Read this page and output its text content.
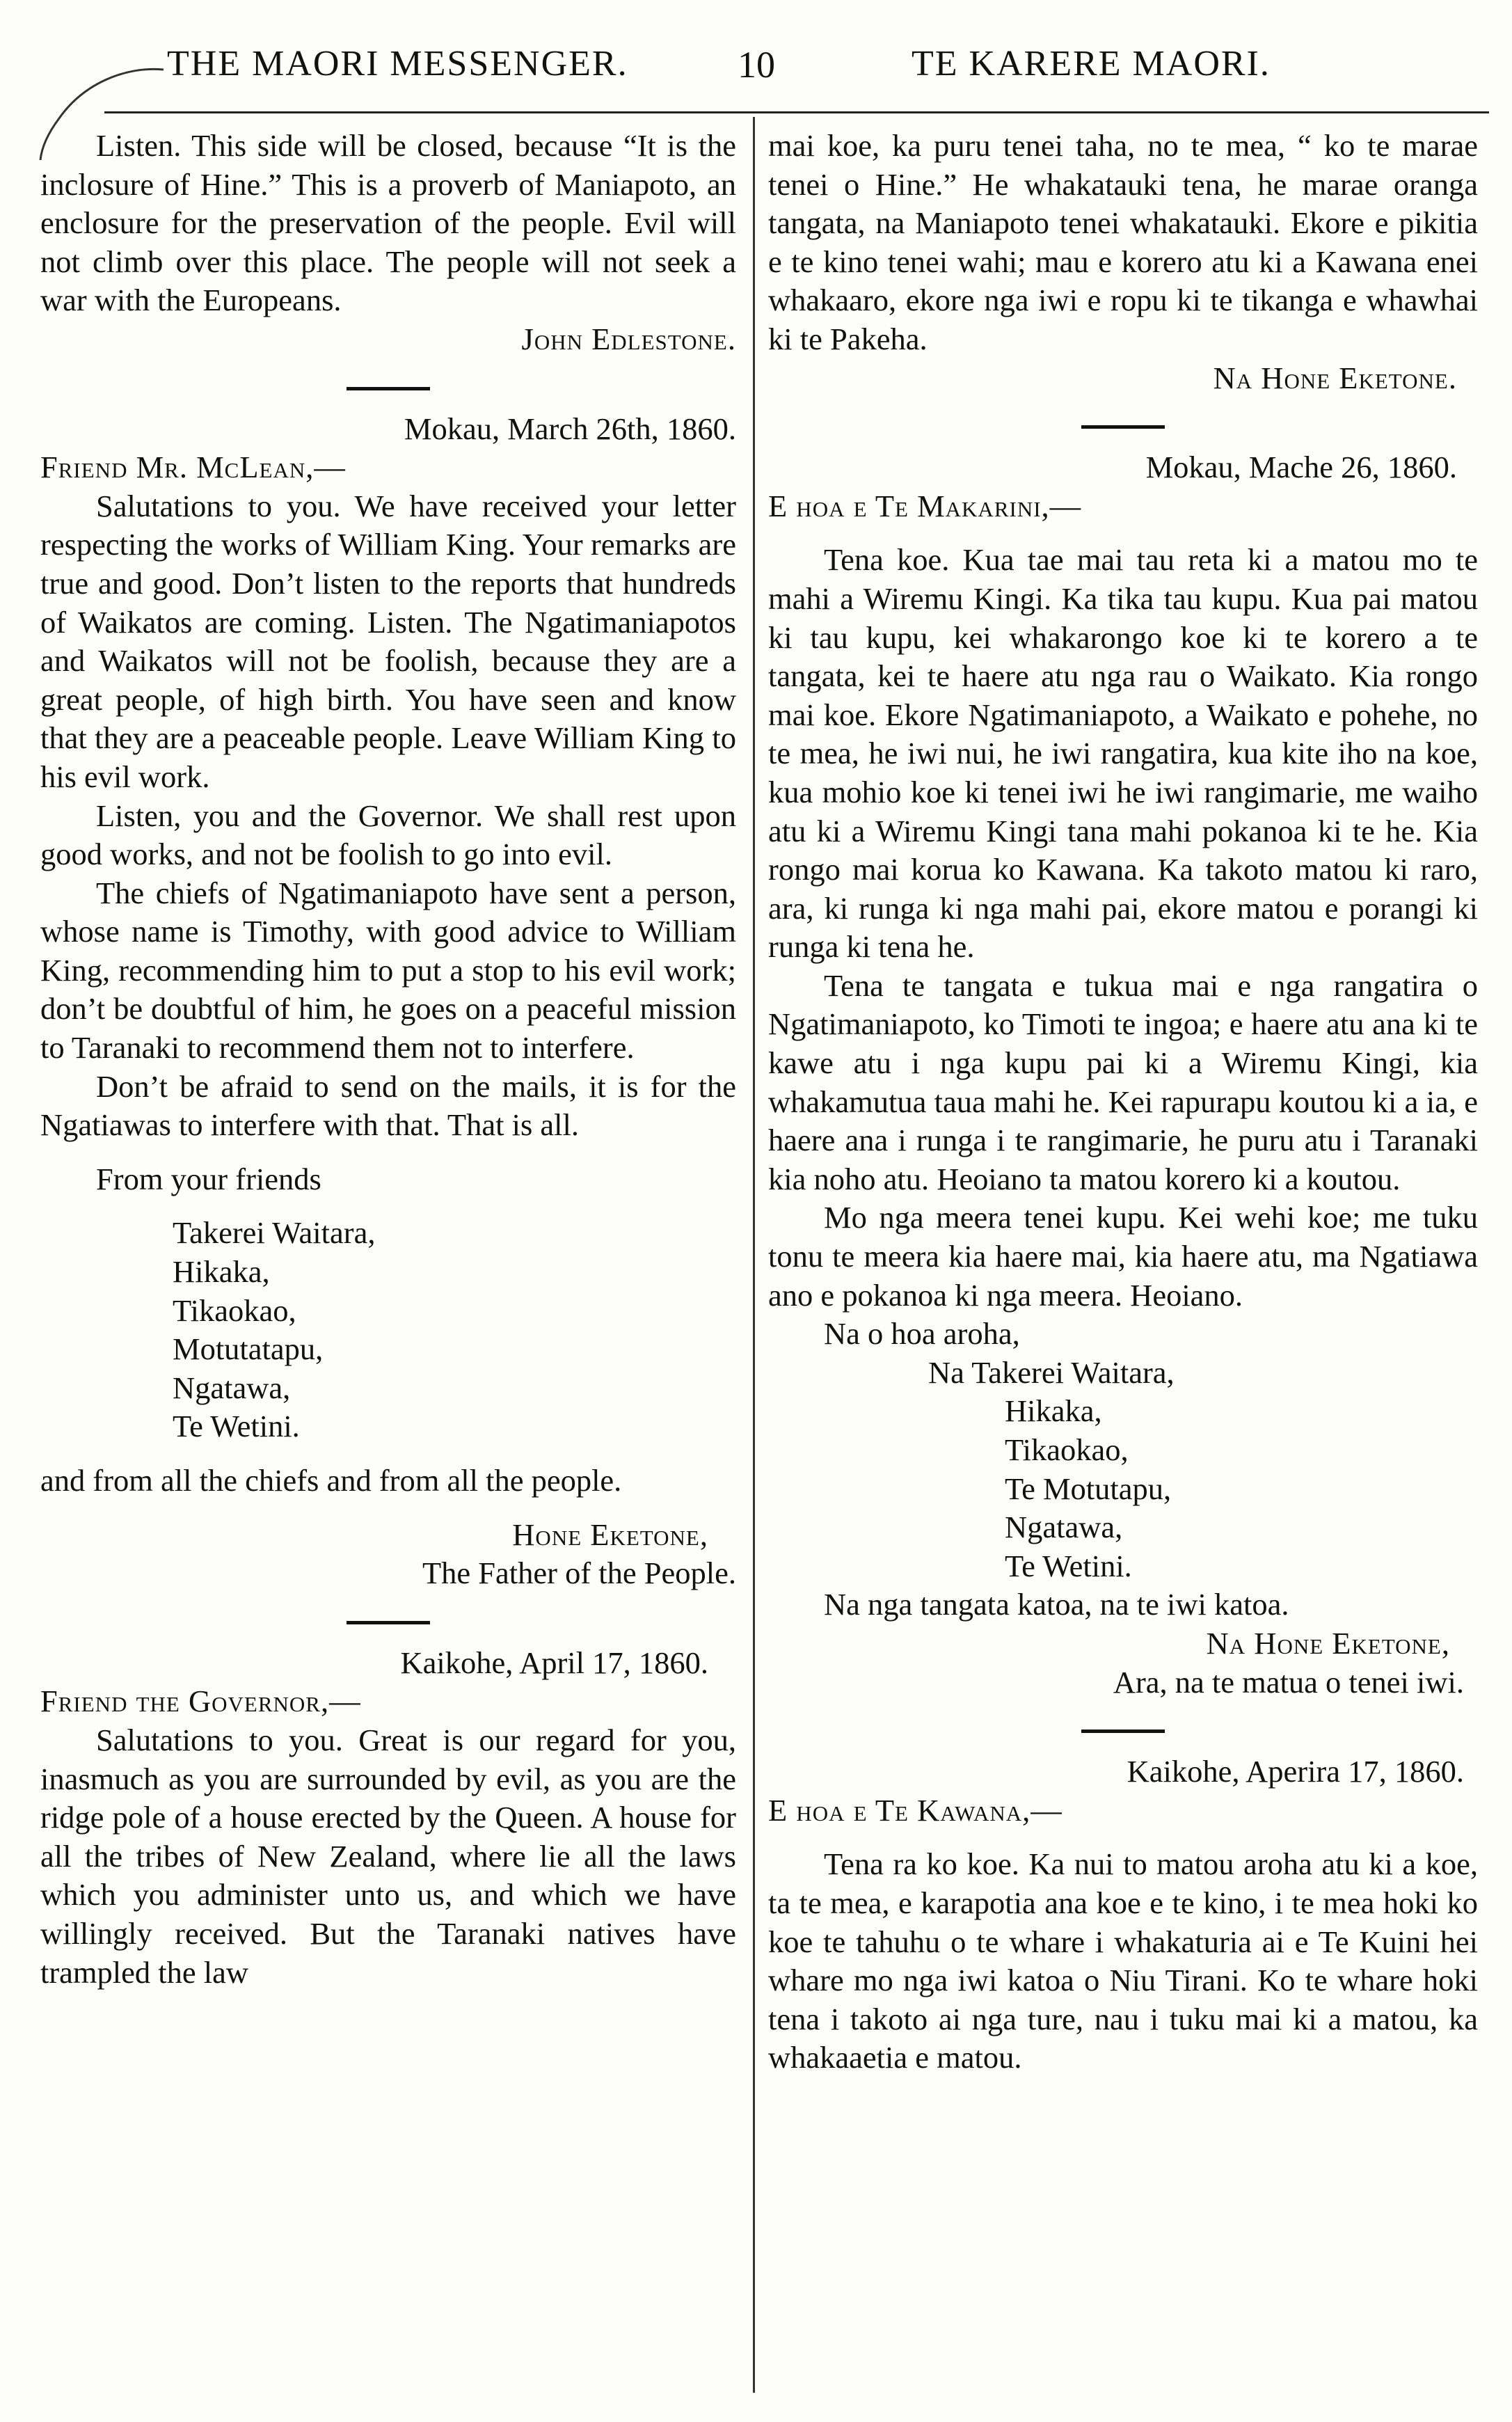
THE MAORI MESSENGER.	10	TE KARERE MAORI.

Listen. This side will be closed, because “It is the inclosure of Hine.” This is a proverb of Maniapoto, an enclosure for the preservation of the people. Evil will not climb over this place. The people will not seek a war with the Europeans.

John Edlestone.

Mokau, March 26th, 1860.

Friend Mr. McLean,—

Salutations to you. We have received your letter respecting the works of William King. Your remarks are true and good. Don’t listen to the reports that hundreds of Waikatos are coming. Listen. The Ngatimaniapotos and Waikatos will not be foolish, because they are a great people, of high birth. You have seen and know that they are a peaceable people. Leave William King to his evil work.

Listen, you and the Governor. We shall rest upon good works, and not be foolish to go into evil.

The chiefs of Ngatimaniapoto have sent a person, whose name is Timothy, with good advice to William King, recommending him to put a stop to his evil work; don’t be doubtful of him, he goes on a peaceful mission to Taranaki to recommend them not to interfere.

Don’t be afraid to send on the mails, it is for the Ngatiawas to interfere with that. That is all.

From your friends

Takerei Waitara,
Hikaka,
Tikaokao,
Motutatapu,
Ngatawa,
Te Wetini.

and from all the chiefs and from all the people.

Hone Eketone,
The Father of the People.

Kaikohe, April 17, 1860.

Friend the Governor,—

Salutations to you. Great is our regard for you, inasmuch as you are surrounded by evil, as you are the ridge pole of a house erected by the Queen. A house for all the tribes of New Zealand, where lie all the laws which you administer unto us, and which we have willingly received. But the Taranaki natives have trampled the law

mai koe, ka puru tenei taha, no te mea, “ ko te marae tenei o Hine.” He whakatauki tena, he marae oranga tangata, na Maniapoto tenei whakatauki. Ekore e pikitia e te kino tenei wahi; mau e korero atu ki a Kawana enei whakaaro, ekore nga iwi e ropu ki te tikanga e whawhai ki te Pakeha.

Na Hone Eketone.

Mokau, Mache 26, 1860.

E hoa e Te Makarini,—

Tena koe. Kua tae mai tau reta ki a matou mo te mahi a Wiremu Kingi. Ka tika tau kupu. Kua pai matou ki tau kupu, kei whakarongo koe ki te korero a te tangata, kei te haere atu nga rau o Waikato. Kia rongo mai koe. Ekore Ngatimaniapoto, a Waikato e pohehe, no te mea, he iwi nui, he iwi rangatira, kua kite iho na koe, kua mohio koe ki tenei iwi he iwi rangimarie, me waiho atu ki a Wiremu Kingi tana mahi pokanoa ki te he. Kia rongo mai korua ko Kawana. Ka takoto matou ki raro, ara, ki runga ki nga mahi pai, ekore matou e porangi ki runga ki tena he.

Tena te tangata e tukua mai e nga rangatira o Ngatimaniapoto, ko Timoti te ingoa; e haere atu ana ki te kawe atu i nga kupu pai ki a Wiremu Kingi, kia whakamutua taua mahi he. Kei rapurapu koutou ki a ia, e haere ana i runga i te rangimarie, he puru atu i Taranaki kia noho atu. Heoiano ta matou korero ki a koutou.

Mo nga meera tenei kupu. Kei wehi koe; me tuku tonu te meera kia haere mai, kia haere atu, ma Ngatiawa ano e pokanoa ki nga meera. Heoiano.

Na o hoa aroha,

Na Takerei Waitara,
Hikaka,
Tikaokao,
Te Motutapu,
Ngatawa,
Te Wetini.

Na nga tangata katoa, na te iwi katoa.

Na Hone Eketone,
Ara, na te matua o tenei iwi.

Kaikohe, Aperira 17, 1860.

E hoa e Te Kawana,—

Tena ra ko koe. Ka nui to matou aroha atu ki a koe, ta te mea, e karapotia ana koe e te kino, i te mea hoki ko koe te tahuhu o te whare i whakaturia ai e Te Kuini hei whare mo nga iwi katoa o Niu Tirani. Ko te whare hoki tena i takoto ai nga ture, nau i tuku mai ki a matou, ka whakaaetia e matou.
